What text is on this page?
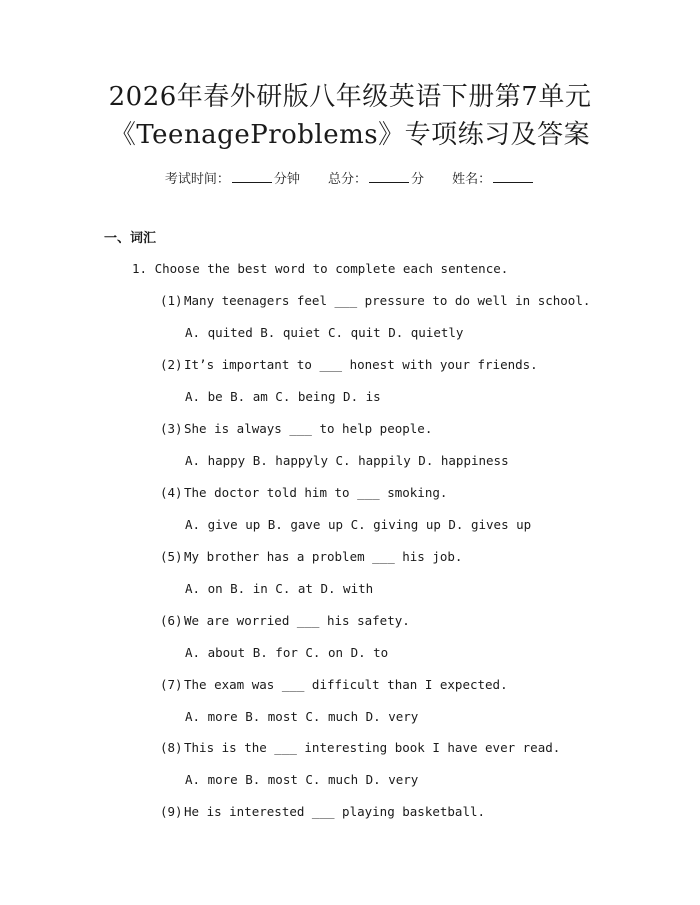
2026年春外研版八年级英语下册第7单元
《TeenageProblems》专项练习及答案
考试时间：	分钟 总分：	分 姓名：
一、词汇
1. Choose the best word to complete each sentence.
(1)Many teenagers feel ___ pressure to do well in school.
A. quited B. quiet C. quit D. quietly
(2)It’s important to ___ honest with your friends.
A. be B. am C. being D. is
(3)She is always ___ to help people.
A. happy B. happyly C. happily D. happiness
(4)The doctor told him to ___ smoking.
A. give up B. gave up C. giving up D. gives up
(5)My brother has a problem ___ his job.
A. on B. in C. at D. with
(6)We are worried ___ his safety.
A. about B. for C. on D. to
(7)The exam was ___ difficult than I expected.
A. more B. most C. much D. very
(8)This is the ___ interesting book I have ever read.
A. more B. most C. much D. very
(9)He is interested ___ playing basketball.
